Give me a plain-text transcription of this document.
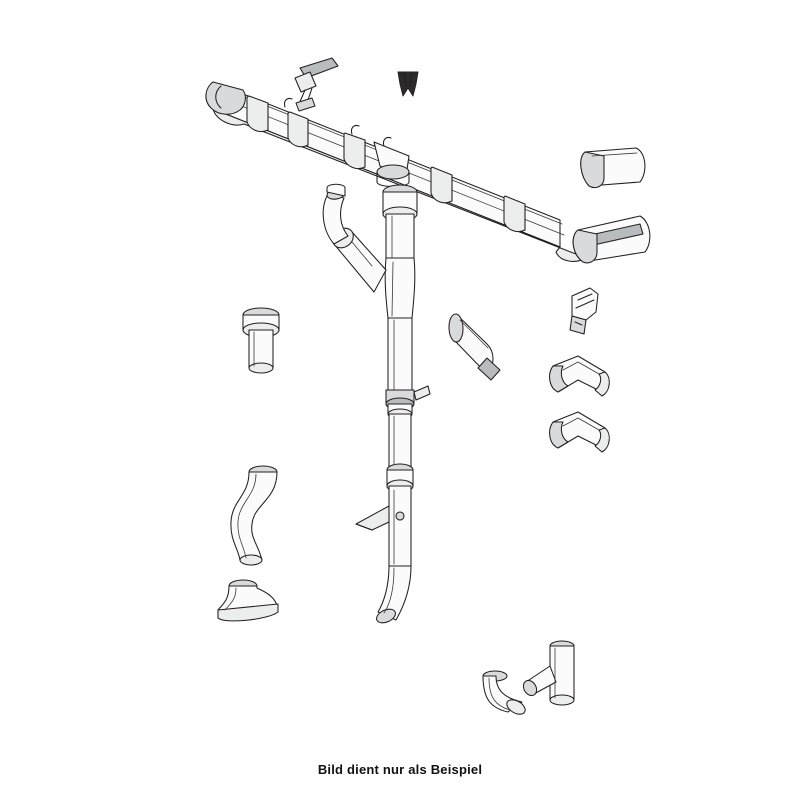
Bild dient nur als Beispiel
